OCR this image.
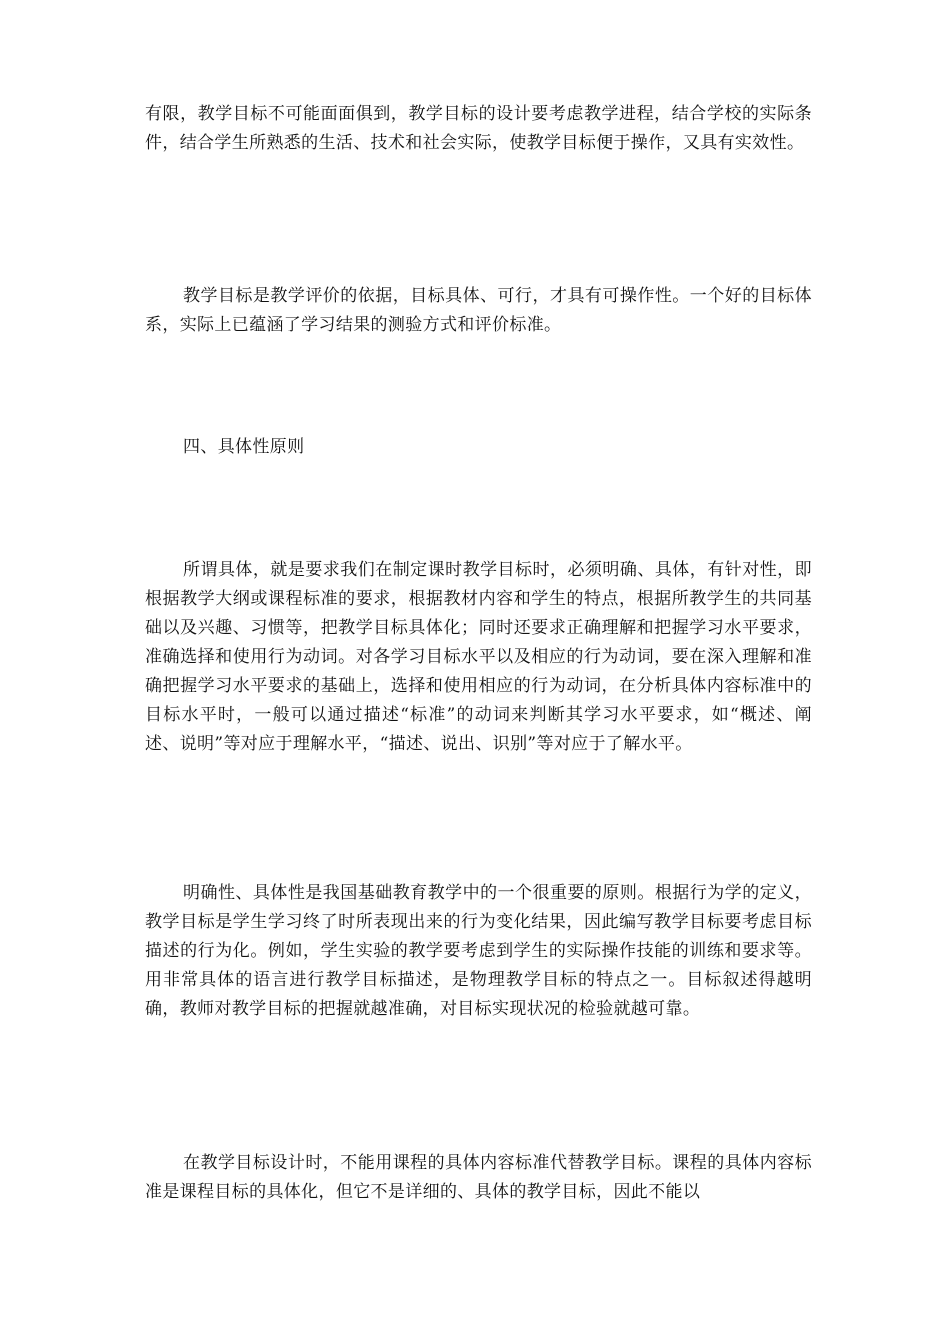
有限，教学目标不可能面面俱到，教学目标的设计要考虑教学进程，结合学校的实际条件，结合学生所熟悉的生活、技术和社会实际，使教学目标便于操作，又具有实效性。

教学目标是教学评价的依据，目标具体、可行，才具有可操作性。一个好的目标体系，实际上已蕴涵了学习结果的测验方式和评价标准。

四、具体性原则

所谓具体，就是要求我们在制定课时教学目标时，必须明确、具体，有针对性，即根据教学大纲或课程标准的要求，根据教材内容和学生的特点，根据所教学生的共同基础以及兴趣、习惯等，把教学目标具体化；同时还要求正确理解和把握学习水平要求，准确选择和使用行为动词。对各学习目标水平以及相应的行为动词，要在深入理解和准确把握学习水平要求的基础上，选择和使用相应的行为动词，在分析具体内容标准中的目标水平时，一般可以通过描述“标准”的动词来判断其学习水平要求，如“概述、阐述、说明”等对应于理解水平，“描述、说出、识别”等对应于了解水平。

明确性、具体性是我国基础教育教学中的一个很重要的原则。根据行为学的定义，教学目标是学生学习终了时所表现出来的行为变化结果，因此编写教学目标要考虑目标描述的行为化。例如，学生实验的教学要考虑到学生的实际操作技能的训练和要求等。用非常具体的语言进行教学目标描述，是物理教学目标的特点之一。目标叙述得越明确，教师对教学目标的把握就越准确，对目标实现状况的检验就越可靠。

在教学目标设计时，不能用课程的具体内容标准代替教学目标。课程的具体内容标准是课程目标的具体化，但它不是详细的、具体的教学目标，因此不能以
